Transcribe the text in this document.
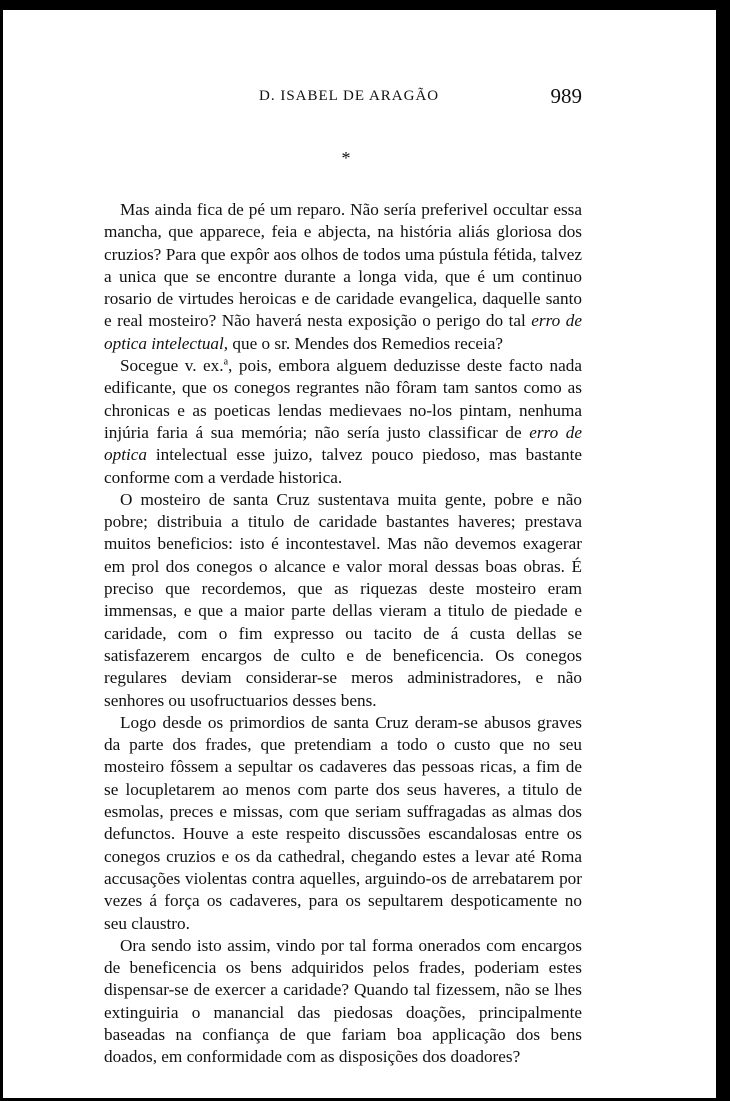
D. ISABEL DE ARAGÃO	989
*

Mas ainda fica de pé um reparo. Não sería preferivel occultar essa mancha, que apparece, feia e abjecta, na história aliás gloriosa dos cruzios? Para que expôr aos olhos de todos uma pústula fétida, talvez a unica que se encontre durante a longa vida, que é um continuo rosario de virtudes heroicas e de caridade evangelica, daquelle santo e real mosteiro? Não haverá nesta exposição o perigo do tal erro de optica intelectual, que o sr. Mendes dos Remedios receia?

Socegue v. ex.$^a$, pois, embora alguem deduzisse deste facto nada edificante, que os conegos regrantes não fôram tam santos como as chronicas e as poeticas lendas medievaes no-los pintam, nenhuma injúria faria á sua memória; não sería justo classificar de erro de optica intelectual esse juizo, talvez pouco piedoso, mas bastante conforme com a verdade historica.

O mosteiro de santa Cruz sustentava muita gente, pobre e não pobre; distribuia a titulo de caridade bastantes haveres; prestava muitos beneficios: isto é incontestavel. Mas não devemos exagerar em prol dos conegos o alcance e valor moral dessas boas obras. É preciso que recordemos, que as riquezas deste mosteiro eram immensas, e que a maior parte dellas vieram a titulo de piedade e caridade, com o fim expresso ou tacito de á custa dellas se satisfazerem encargos de culto e de beneficencia. Os conegos regulares deviam considerar-se meros administradores, e não senhores ou usofructuarios desses bens.

Logo desde os primordios de santa Cruz deram-se abusos graves da parte dos frades, que pretendiam a todo o custo que no seu mosteiro fôssem a sepultar os cadaveres das pessoas ricas, a fim de se locupletarem ao menos com parte dos seus haveres, a titulo de esmolas, preces e missas, com que seriam suffragadas as almas dos defunctos. Houve a este respeito discussões escandalosas entre os conegos cruzios e os da cathedral, chegando estes a levar até Roma accusações violentas contra aquelles, arguindo-os de arrebatarem por vezes á força os cadaveres, para os sepultarem despoticamente no seu claustro.

Ora sendo isto assim, vindo por tal forma onerados com encargos de beneficencia os bens adquiridos pelos frades, poderiam estes dispensar-se de exercer a caridade? Quando tal fizessem, não se lhes extinguiria o manancial das piedosas doações, principalmente baseadas na confiança de que fariam boa applicação dos bens doados, em conformidade com as disposições dos doadores?
